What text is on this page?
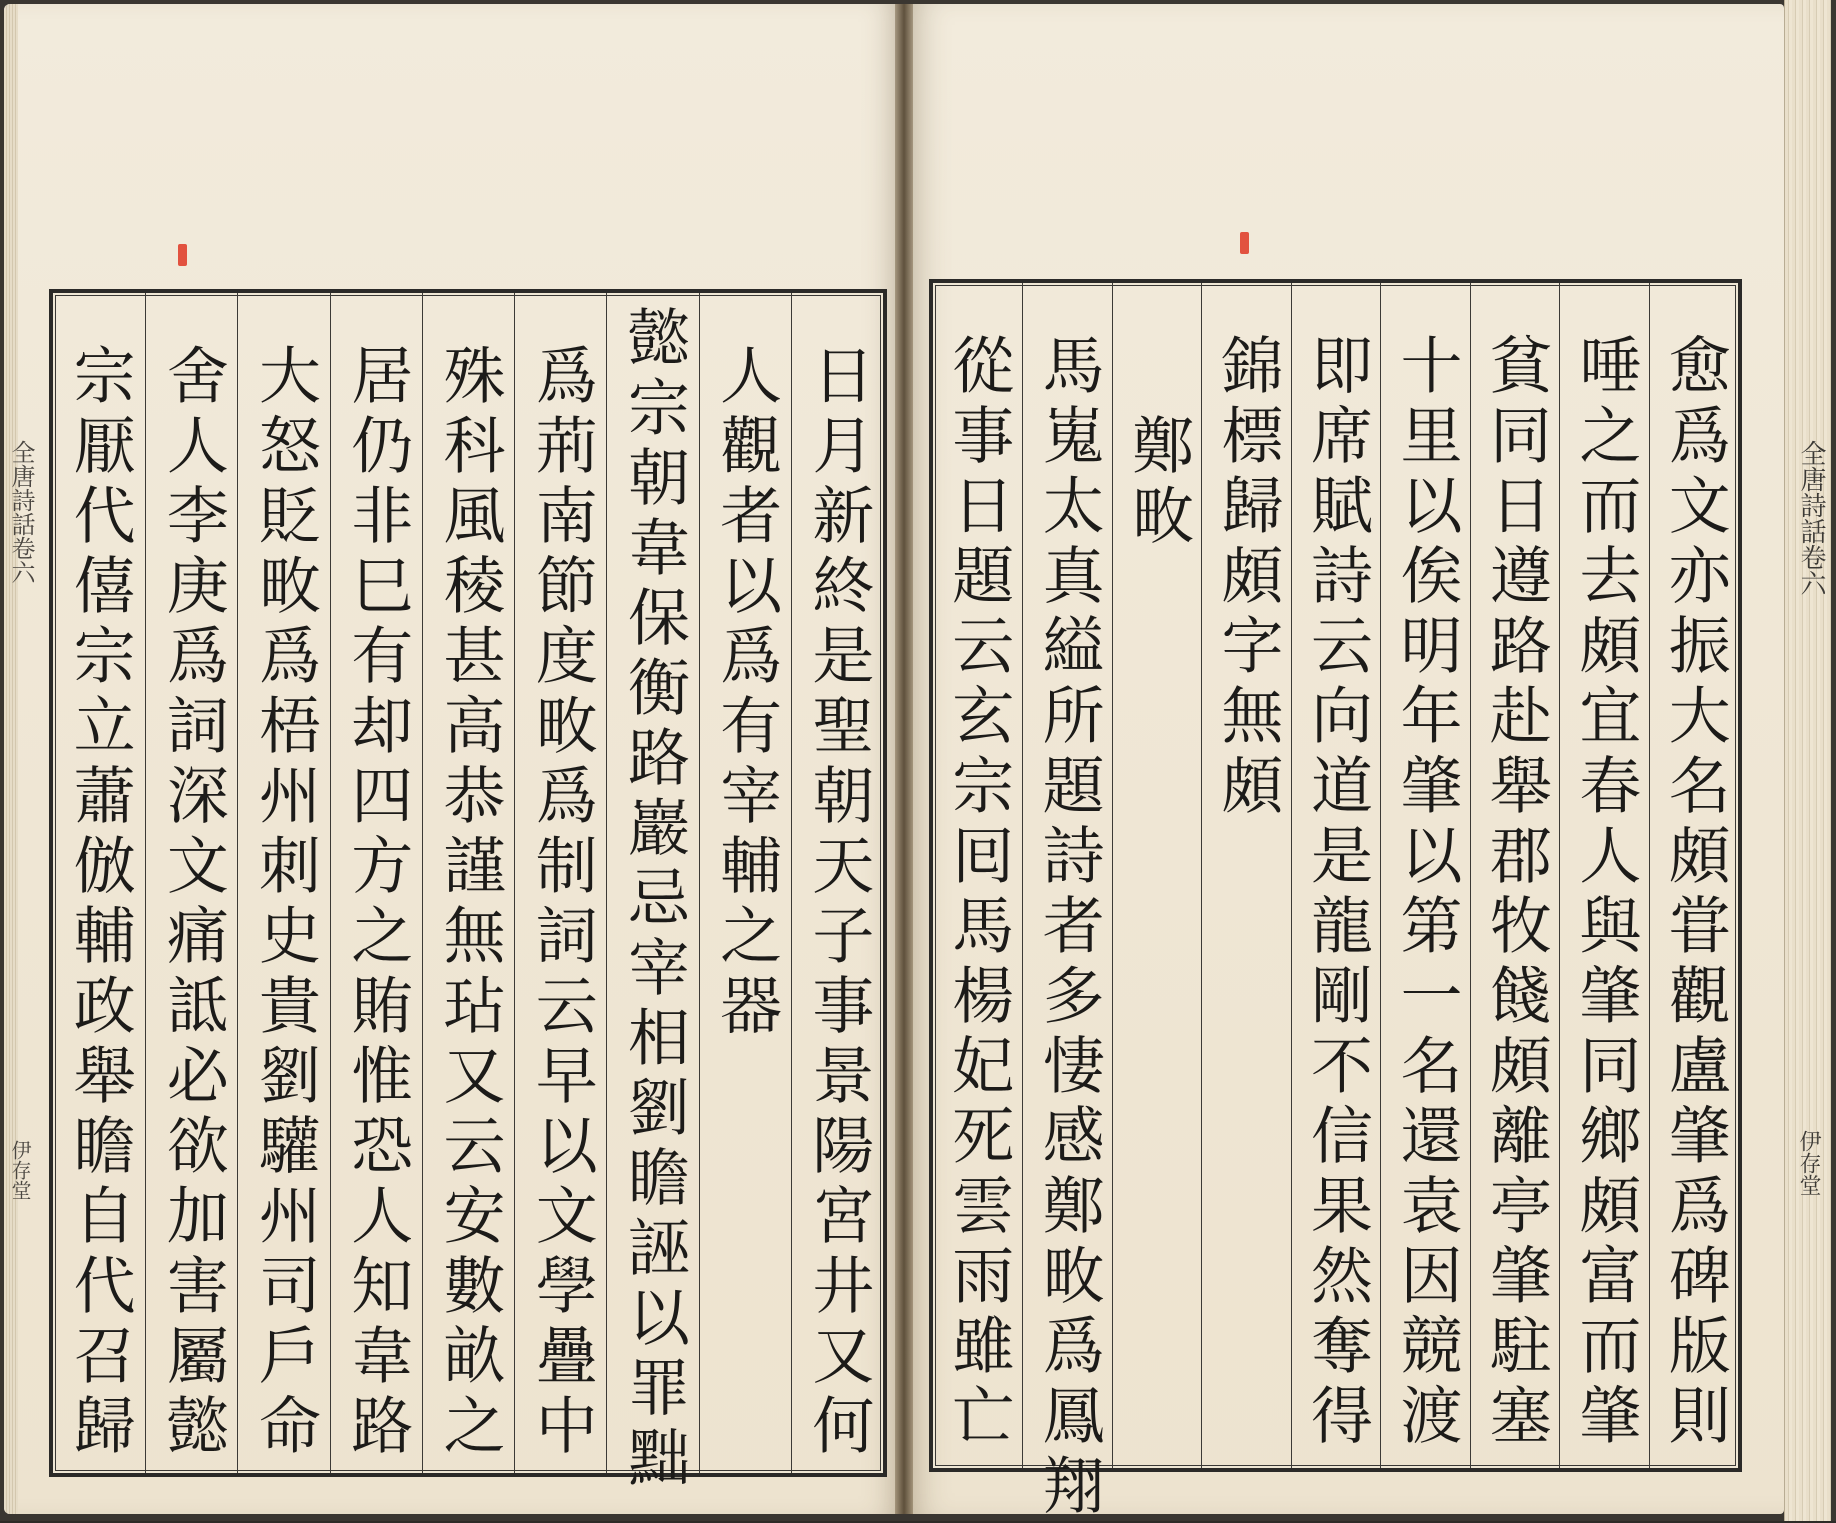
日月新終是聖朝天子事景陽宮井又何
人觀者以爲有宰輔之器
懿宗朝韋保衡路巖忌宰相劉瞻誣以罪黜
爲荊南節度畋爲制詞云早以文學疊中
殊科風稜甚高恭謹無玷又云安數畝之
居仍非巳有却四方之賄惟恐人知韋路
大怒貶畋爲梧州刺史貴劉驩州司戶命
舍人李庚爲詞深文痛詆必欲加害屬懿
宗厭代僖宗立蕭倣輔政舉瞻自代召歸	愈爲文亦振大名頗甞觀盧肇爲碑版則
唾之而去頗宜春人與肇同鄉頗富而肇
貧同日遵路赴舉郡牧餞頗離亭肇駐塞
十里以俟明年肇以第一名還袁因競渡
即席賦詩云向道是龍剛不信果然奪得
錦標歸頗字無頗
鄭畋
馬嵬太真縊所題詩者多悽感鄭畋爲鳳翔
從事日題云玄宗囘馬楊妃死雲雨雖亡	全唐詩話卷六
伊存堂
全唐詩話卷六
伊存堂
